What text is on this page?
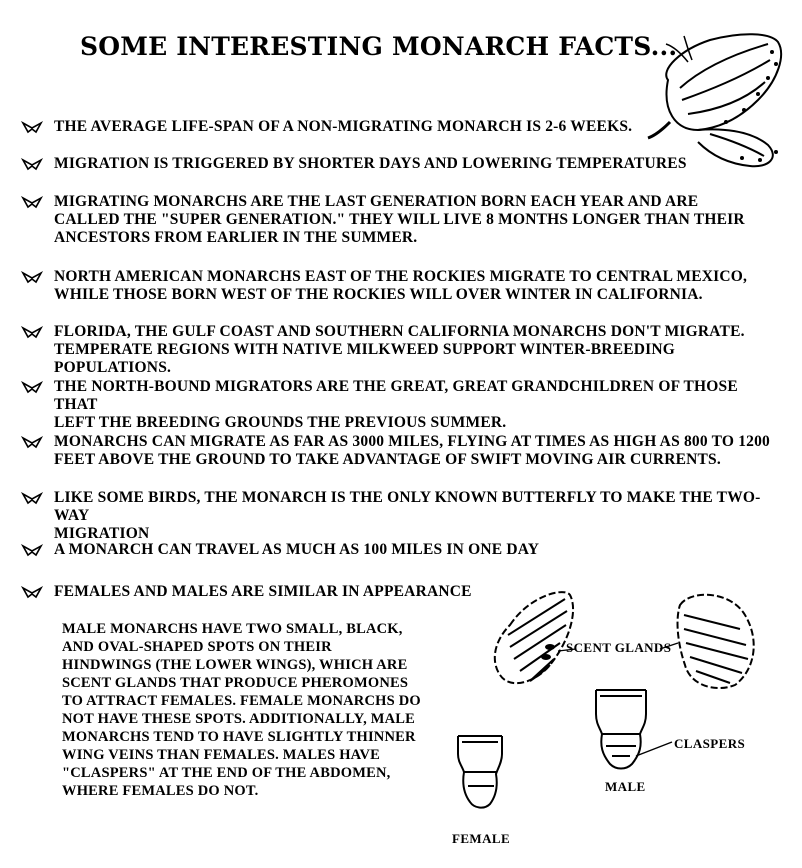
SOME INTERESTING MONARCH FACTS...
THE AVERAGE LIFE-SPAN OF A NON-MIGRATING MONARCH IS 2-6 WEEKS.
MIGRATION IS TRIGGERED BY SHORTER DAYS AND LOWERING TEMPERATURES
MIGRATING MONARCHS ARE THE LAST GENERATION BORN EACH YEAR AND ARE
CALLED THE "SUPER GENERATION." THEY WILL LIVE 8 MONTHS LONGER THAN THEIR
ANCESTORS FROM EARLIER IN THE SUMMER.
NORTH AMERICAN MONARCHS EAST OF THE ROCKIES MIGRATE TO CENTRAL MEXICO,
WHILE THOSE BORN WEST OF THE ROCKIES WILL OVER WINTER IN CALIFORNIA.
FLORIDA, THE GULF COAST AND SOUTHERN CALIFORNIA MONARCHS DON'T MIGRATE.
TEMPERATE REGIONS WITH NATIVE MILKWEED SUPPORT WINTER-BREEDING POPULATIONS.
THE NORTH-BOUND MIGRATORS ARE THE GREAT, GREAT GRANDCHILDREN OF THOSE THAT
LEFT THE BREEDING GROUNDS THE PREVIOUS SUMMER.
MONARCHS CAN MIGRATE AS FAR AS 3000 MILES, FLYING AT TIMES AS HIGH AS 800 TO 1200
FEET ABOVE THE GROUND TO TAKE ADVANTAGE OF SWIFT MOVING AIR CURRENTS.
LIKE SOME BIRDS, THE MONARCH IS THE ONLY KNOWN BUTTERFLY TO MAKE THE TWO-WAY
MIGRATION
A MONARCH CAN TRAVEL AS MUCH AS 100 MILES IN ONE DAY
FEMALES AND MALES ARE SIMILAR IN APPEARANCE
MALE MONARCHS HAVE TWO SMALL, BLACK,
AND OVAL-SHAPED SPOTS ON THEIR
HINDWINGS (THE LOWER WINGS), WHICH ARE
SCENT GLANDS THAT PRODUCE PHEROMONES
TO ATTRACT FEMALES. FEMALE MONARCHS DO
NOT HAVE THESE SPOTS. ADDITIONALLY, MALE
MONARCHS TEND TO HAVE SLIGHTLY THINNER
WING VEINS THAN FEMALES. MALES HAVE
"CLASPERS" AT THE END OF THE ABDOMEN,
WHERE FEMALES DO NOT.
SCENT GLANDS
CLASPERS
MALE
FEMALE
